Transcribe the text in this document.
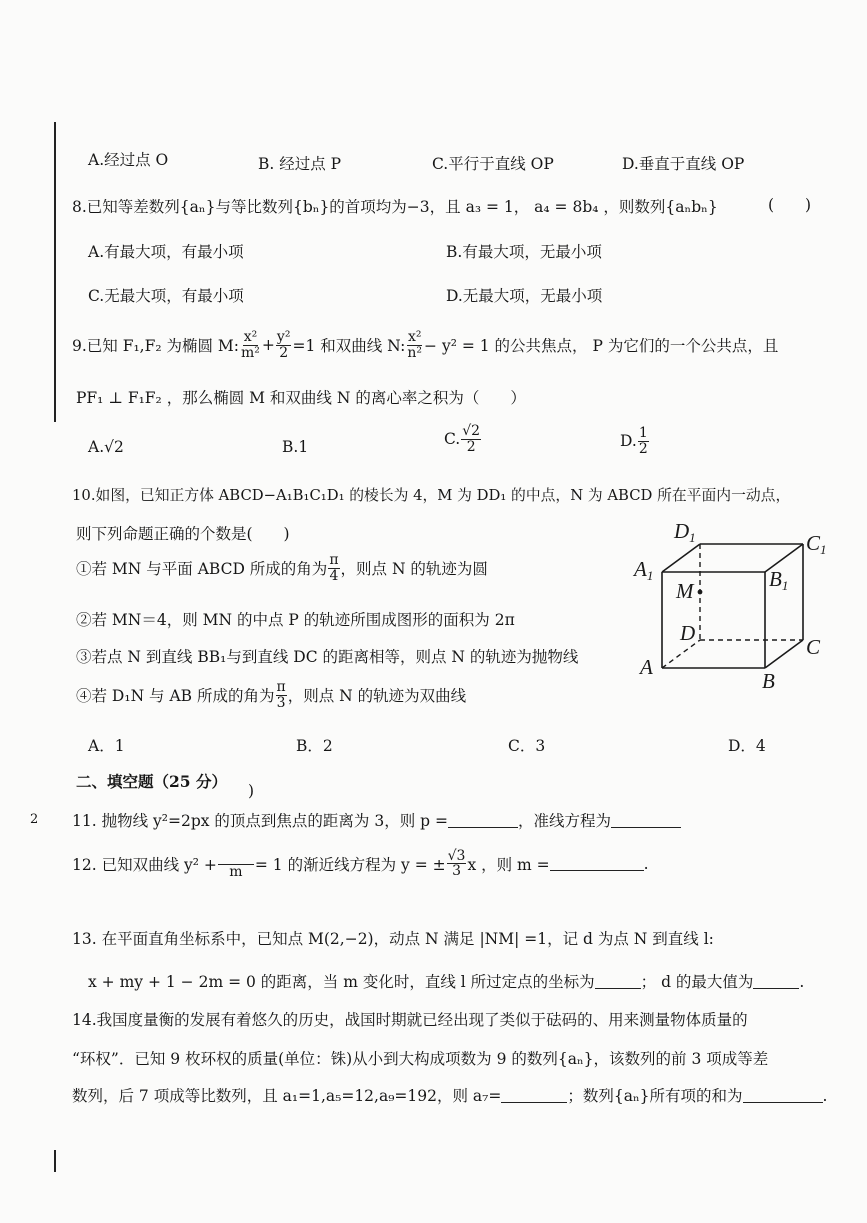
2
A.经过点 O	B. 经过点 P	C.平行于直线 OP	D.垂直于直线 OP
8.已知等差数列{aₙ}与等比数列{bₙ}的首项均为−3，且 a₃ = 1， a₄ = 8b₄ ，则数列{aₙbₙ}	(　　)
A.有最大项，有最小项	B.有最大项，无最小项
C.无最大项，有最小项	D.无最大项，无最小项
9.已知 F₁,F₂ 为椭圆 M: $\frac{\text{x²}}{\text{m²}} + \frac{\text{y²}}{2} =1$ 和双曲线 N: $\frac{\text{x²}}{\text{n²}} - y^2 = 1$ 的公共焦点， P 为它们的一个公共点，且
PF₁ ⊥ F₁F₂ ，那么椭圆 M 和双曲线 N 的离心率之积为（　　）
A.√2	B.1	C. $\frac{√2}{2}$	D. $\frac{1}{2}$
10.如图，已知正方体 ABCD−A₁B₁C₁D₁ 的棱长为 4，M 为 DD₁ 的中点，N 为 ABCD 所在平面内一动点，
则下列命题正确的个数是(　　)
①若 MN 与平面 ABCD 所成的角为 $\frac{\pi}{4}$ ，则点 N 的轨迹为圆
②若 MN＝4，则 MN 的中点 P 的轨迹所围成图形的面积为 2π
③若点 N 到直线 BB₁与到直线 DC 的距离相等，则点 N 的轨迹为抛物线
④若 D₁N 与 AB 所成的角为 $\frac{\pi}{3}$ ，则点 N 的轨迹为双曲线
D1	C1
A1	B1
M
D
C
A
B
A．1	B．2	C．3	D．4
二、填空题（25 分） )
11. 抛物线 y²=2px 的顶点到焦点的距离为 3，则 p =	，准线方程为
12. 已知双曲线 y² + m = 1 的渐近线方程为 y = ± $\frac{√3}{3}$ x ，则 m =	.
13. 在平面直角坐标系中，已知点 M(2,−2)，动点 N 满足 |NM| =1，记 d 为点 N 到直线 l:
x + my + 1 − 2m = 0 的距离，当 m 变化时，直线 l 所过定点的坐标为	； d 的最大值为	.
14.我国度量衡的发展有着悠久的历史，战国时期就已经出现了类似于砝码的、用来测量物体质量的
“环权”．已知 9 枚环权的质量(单位：铢)从小到大构成项数为 9 的数列{aₙ}，该数列的前 3 项成等差
数列，后 7 项成等比数列，且 a₁=1,a₅=12,a₉=192，则 a₇=	；数列{aₙ}所有项的和为	.
